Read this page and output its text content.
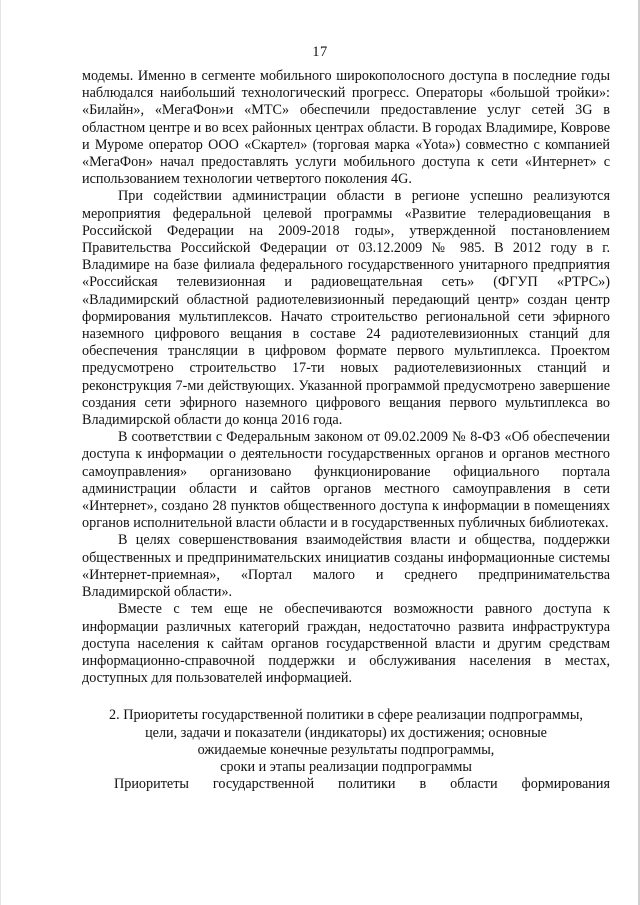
17

модемы. Именно в сегменте мобильного широкополосного доступа в последние годы наблюдался наибольший технологический прогресс. Операторы «большой тройки»: «Билайн», «МегаФон»и «МТС» обеспечили предоставление услуг сетей 3G в областном центре и во всех районных центрах области. В городах Владимире, Коврове и Муроме оператор ООО «Скартел» (торговая марка «Yota») совместно с компанией «МегаФон» начал предоставлять услуги мобильного доступа к сети «Интернет» с использованием технологии четвертого поколения 4G.

При содействии администрации области в регионе успешно реализуются мероприятия федеральной целевой программы «Развитие телерадиовещания в Российской Федерации на 2009-2018 годы», утвержденной постановлением Правительства Российской Федерации от 03.12.2009 № 985. В 2012 году в г. Владимире на базе филиала федерального государственного унитарного предприятия «Российская телевизионная и радиовещательная сеть» (ФГУП «РТРС») «Владимирский областной радиотелевизионный передающий центр» создан центр формирования мультиплексов. Начато строительство региональной сети эфирного наземного цифрового вещания в составе 24 радиотелевизионных станций для обеспечения трансляции в цифровом формате первого мультиплекса. Проектом предусмотрено строительство 17-ти новых радиотелевизионных станций и реконструкция 7-ми действующих. Указанной программой предусмотрено завершение создания сети эфирного наземного цифрового вещания первого мультиплекса во Владимирской области до конца 2016 года.

В соответствии с Федеральным законом от 09.02.2009 № 8-ФЗ «Об обеспечении доступа к информации о деятельности государственных органов и органов местного самоуправления» организовано функционирование официального портала администрации области и сайтов органов местного самоуправления в сети «Интернет», создано 28 пунктов общественного доступа к информации в помещениях органов исполнительной власти области и в государственных публичных библиотеках.

В целях совершенствования взаимодействия власти и общества, поддержки общественных и предпринимательских инициатив созданы информационные системы «Интернет-приемная», «Портал малого и среднего предпринимательства Владимирской области».

Вместе с тем еще не обеспечиваются возможности равного доступа к информации различных категорий граждан, недостаточно развита инфраструктура доступа населения к сайтам органов государственной власти и другим средствам информационно-справочной поддержки и обслуживания населения в местах, доступных для пользователей информацией.

2. Приоритеты государственной политики в сфере реализации подпрограммы,
цели, задачи и показатели (индикаторы) их достижения; основные
ожидаемые конечные результаты подпрограммы,
сроки и этапы реализации подпрограммы

Приоритеты государственной политики в области формирования
